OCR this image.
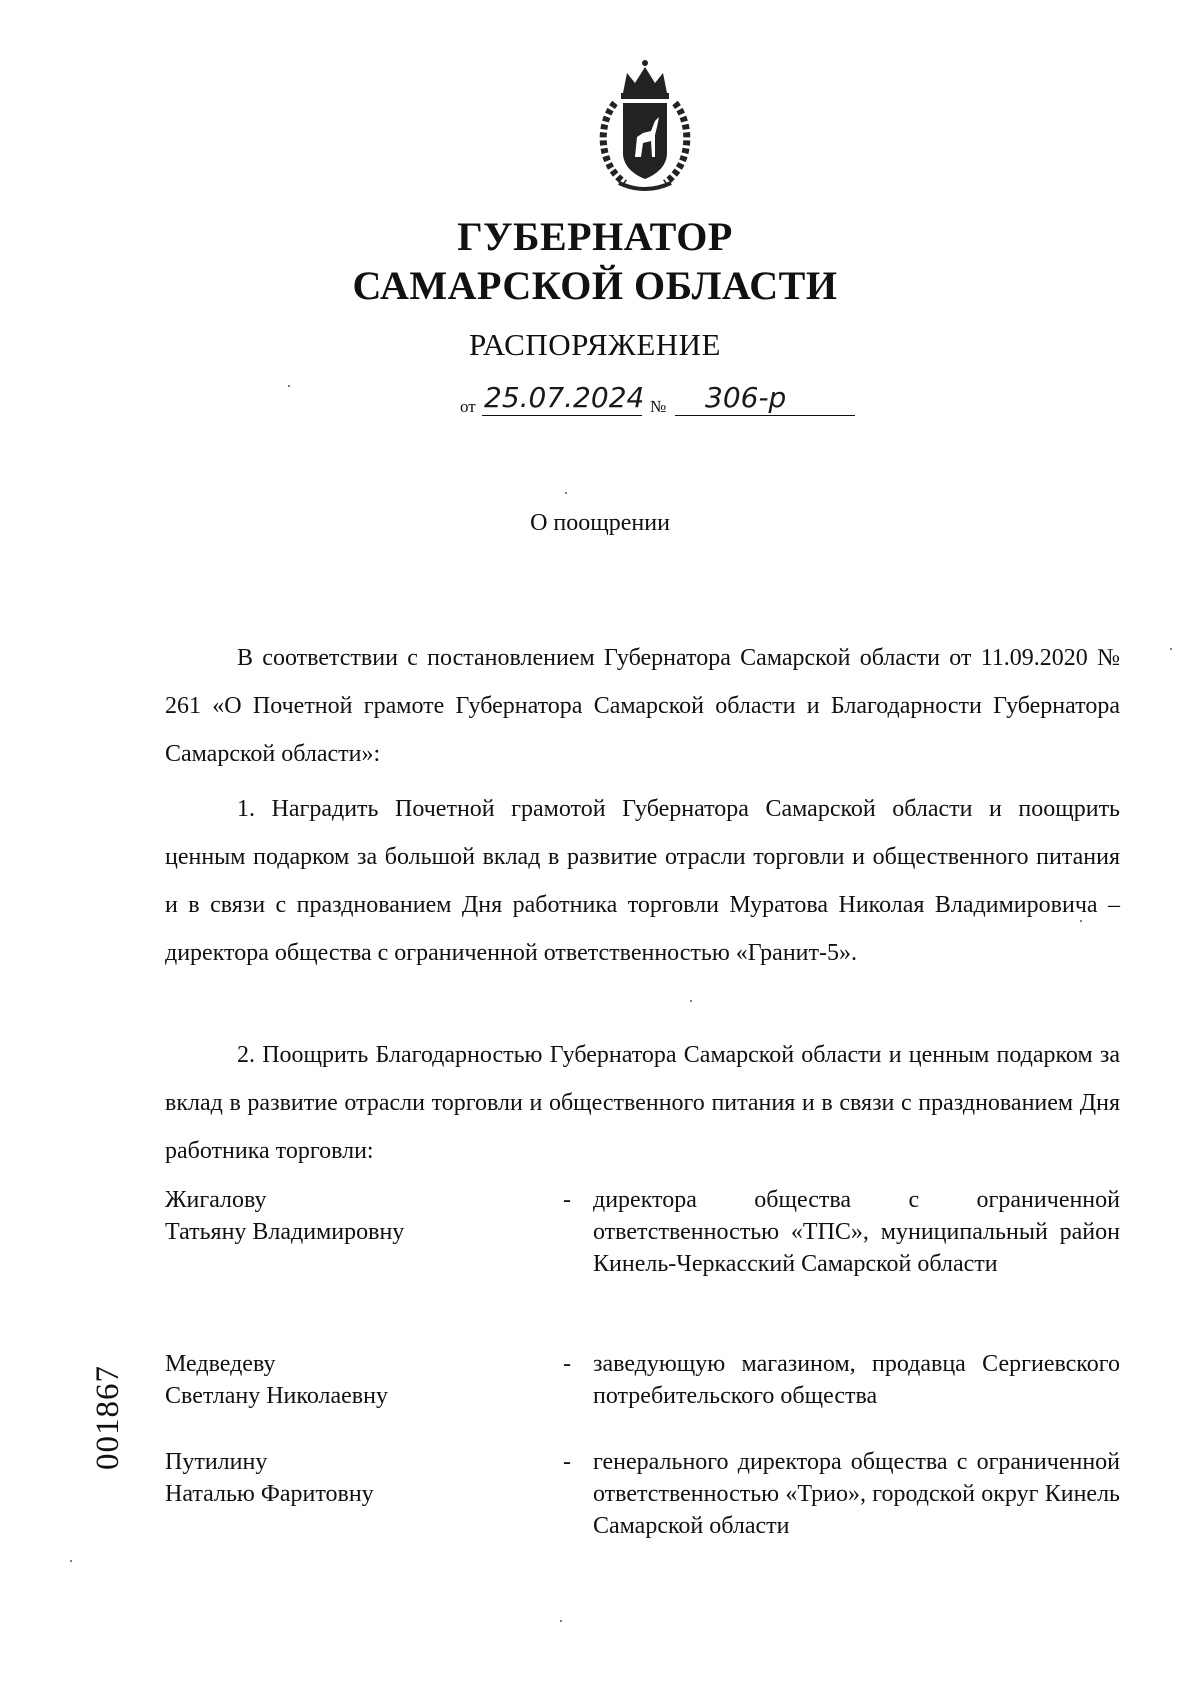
ГУБЕРНАТОР
САМАРСКОЙ ОБЛАСТИ
РАСПОРЯЖЕНИЕ
от 25.07.2024 № 306-р
О поощрении

В соответствии с постановлением Губернатора Самарской области от 11.09.2020 № 261 «О Почетной грамоте Губернатора Самарской области и Благодарности Губернатора Самарской области»:

1. Наградить Почетной грамотой Губернатора Самарской области и поощрить ценным подарком за большой вклад в развитие отрасли торговли и общественного питания и в связи с празднованием Дня работника торговли Муратова Николая Владимировича – директора общества с ограниченной ответственностью «Гранит-5».

2. Поощрить Благодарностью Губернатора Самарской области и ценным подарком за вклад в развитие отрасли торговли и общественного питания и в связи с празднованием Дня работника торговли:

Жигалову
Татьяну Владимировну
- директора общества с ограниченной ответственностью «ТПС», муниципальный район Кинель-Черкасский Самарской области
Медведеву
Светлану Николаевну
- заведующую магазином, продавца Сергиевского потребительского общества
Путилину
Наталью Фаритовну
- генерального директора общества с ограниченной ответственностью «Трио», городской округ Кинель Самарской области
001867
